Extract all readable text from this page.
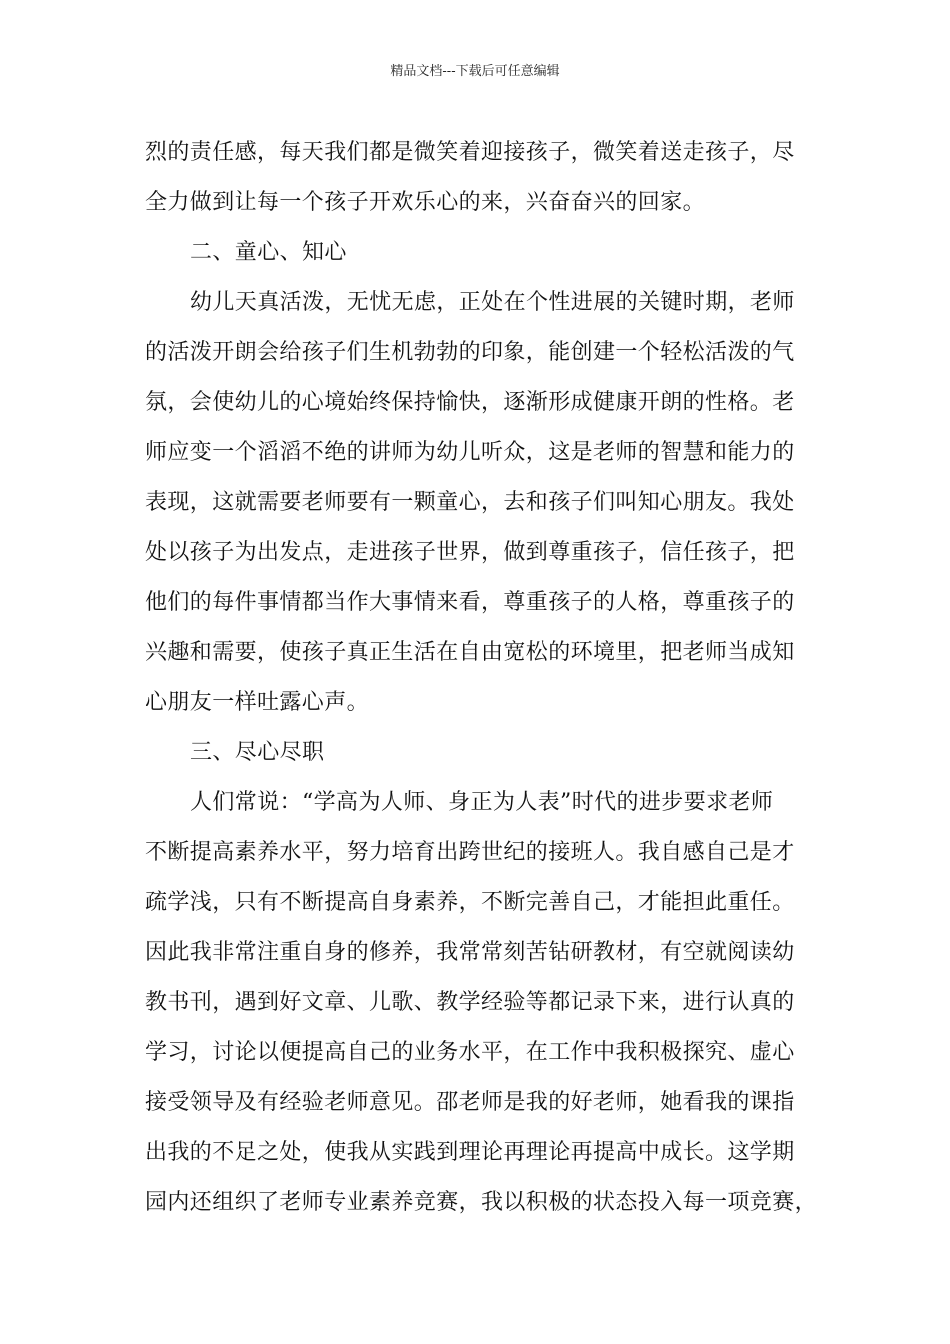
精品文档---下载后可任意编辑
烈的责任感，每天我们都是微笑着迎接孩子，微笑着送走孩子，尽
全力做到让每一个孩子开欢乐心的来，兴奋奋兴的回家。
二、童心、知心
幼儿天真活泼，无忧无虑，正处在个性进展的关键时期，老师
的活泼开朗会给孩子们生机勃勃的印象，能创建一个轻松活泼的气
氛，会使幼儿的心境始终保持愉快，逐渐形成健康开朗的性格。老
师应变一个滔滔不绝的讲师为幼儿听众，这是老师的智慧和能力的
表现，这就需要老师要有一颗童心，去和孩子们叫知心朋友。我处
处以孩子为出发点，走进孩子世界，做到尊重孩子，信任孩子，把
他们的每件事情都当作大事情来看，尊重孩子的人格，尊重孩子的
兴趣和需要，使孩子真正生活在自由宽松的环境里，把老师当成知
心朋友一样吐露心声。
三、尽心尽职
人们常说：“学高为人师、身正为人表”时代的进步要求老师
不断提高素养水平，努力培育出跨世纪的接班人。我自感自己是才
疏学浅，只有不断提高自身素养，不断完善自己，才能担此重任。
因此我非常注重自身的修养，我常常刻苦钻研教材，有空就阅读幼
教书刊，遇到好文章、儿歌、教学经验等都记录下来，进行认真的
学习，讨论以便提高自己的业务水平，在工作中我积极探究、虚心
接受领导及有经验老师意见。邵老师是我的好老师，她看我的课指
出我的不足之处，使我从实践到理论再理论再提高中成长。这学期
园内还组织了老师专业素养竞赛，我以积极的状态投入每一项竞赛，
